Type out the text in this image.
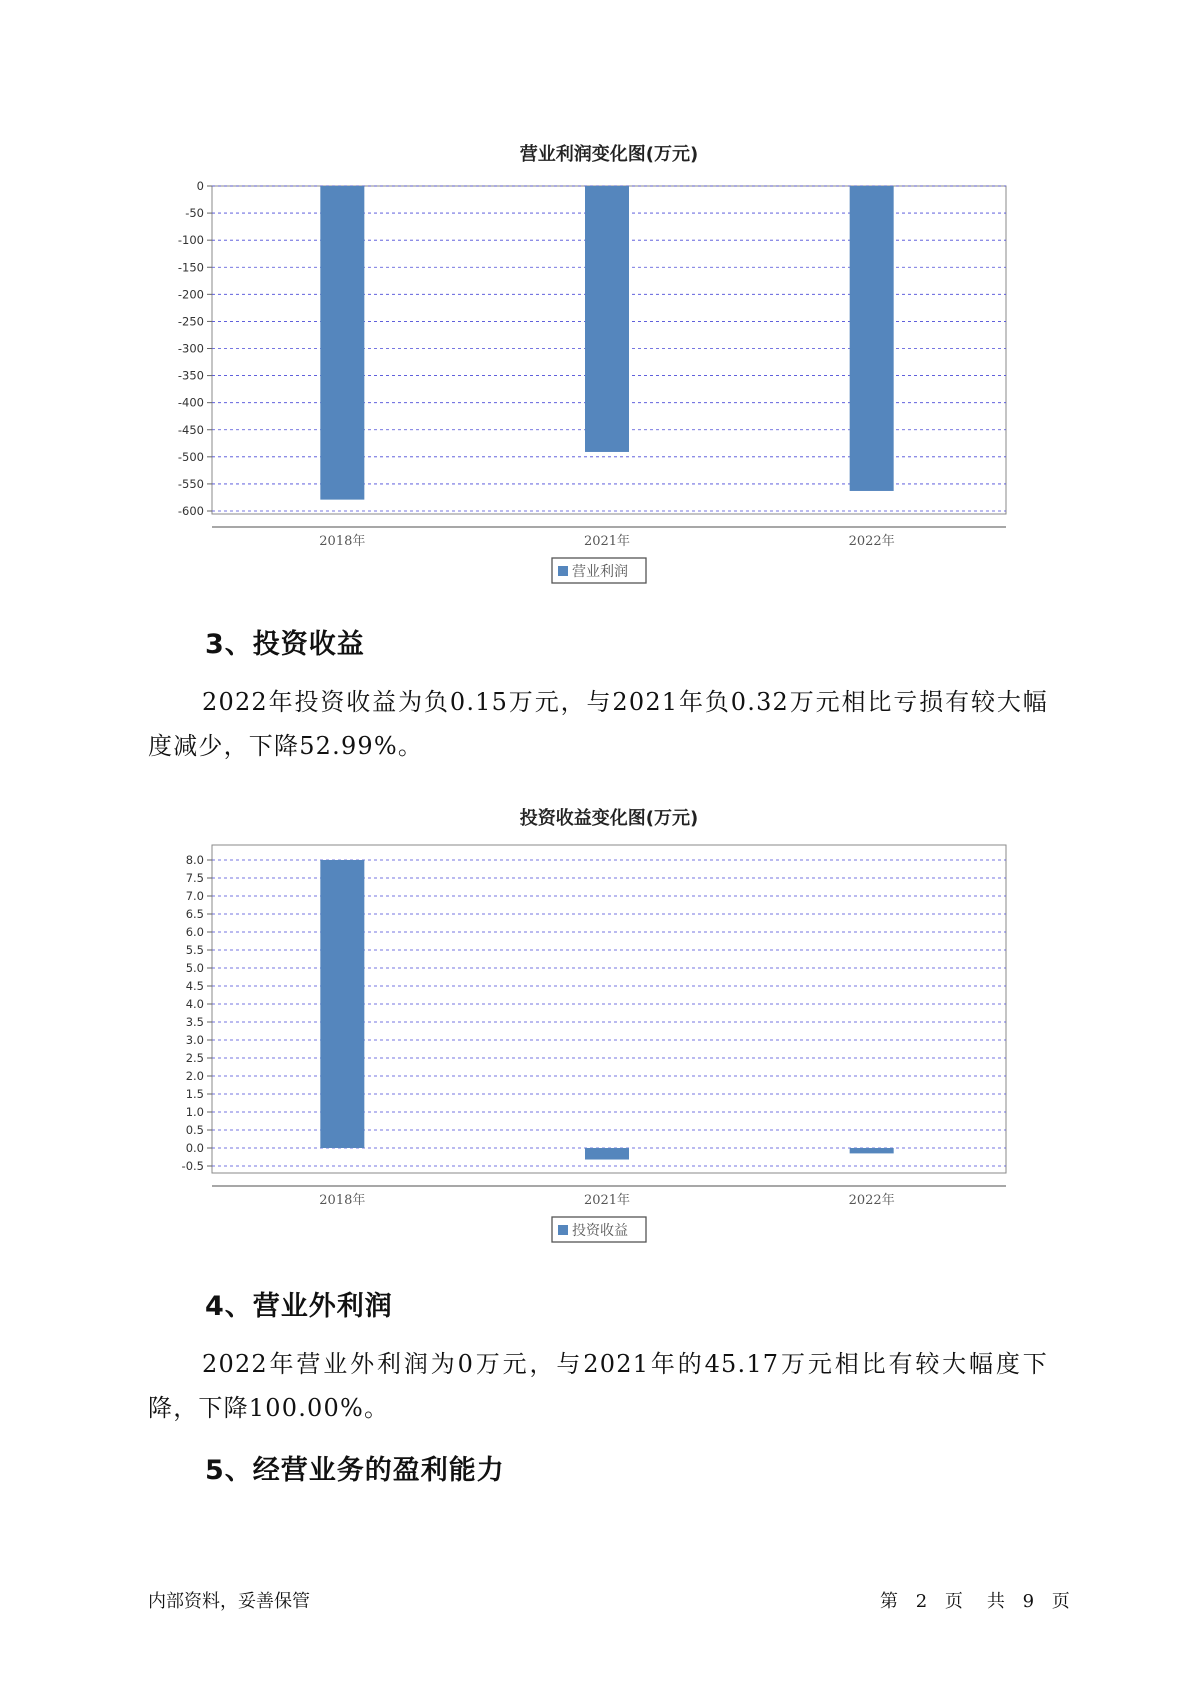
营业利润变化图(万元)
0
-50
-100
-150
-200
-250
-300
-350
-400
-450
-500
-550
-600
2018年	2021年	2022年
营业利润
3、投资收益

2022年投资收益为负0.15万元，与2021年负0.32万元相比亏损有较大幅度减少，下降52.99%。

投资收益变化图(万元)
8.0
7.5
7.0
6.5
6.0
5.5
5.0
4.5
4.0
3.5
3.0
2.5
2.0
1.5
1.0
0.5
0.0
-0.5
2018年	2021年	2022年
投资收益
4、营业外利润

2022年营业外利润为0万元，与2021年的45.17万元相比有较大幅度下降，下降100.00%。

5、经营业务的盈利能力
内部资料，妥善保管	第 2 页　共 9 页
